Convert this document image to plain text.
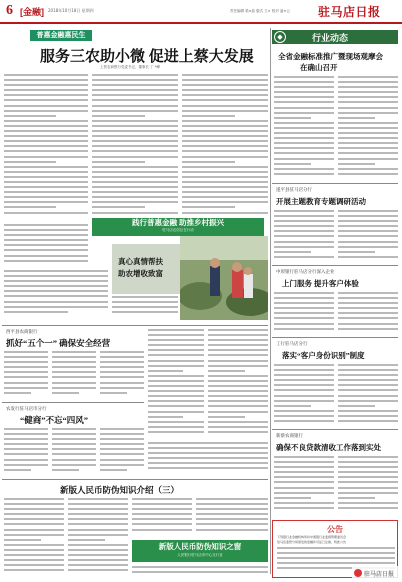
6 [金融] 2018年10月18日 星期四	责任编辑 梁×晶 版式 王× 校对 凌×云 驻马店日报
普惠金融惠民生	◆	行业动态
服务三农助小微 促进上蔡大发展
上蔡农商银行党委书记、董事长 丁 *峰
全省金融标准推广暨现场观摩会
在确山召开
遂平县驻马店分行
开展主题教育专题调研活动
践行普惠金融 助推乡村振兴
驻马店农信社在行动
真心真情帮扶
助农增收致富	中原银行驻马店分行深入企业
上门服务 提升客户体验
工行驻马店分行
落实“客户身份识别”制度
新蔡农商银行
确保不良贷款清收工作落到实处
西平县农商银行
抓好“五个一” 确保安全经营
农发行驻马店市分行
“健商”不忘“四风”
新版人民币防伪知识介绍（三）
新版人民币防伪知识之窗
人民银行驻马店市中心支行宣
公告
下列银行业金融机构所持中国银行业监督管理委员会
驻马店监管分局颁发的金融许可证已注销，特此公告
驻马店日报
